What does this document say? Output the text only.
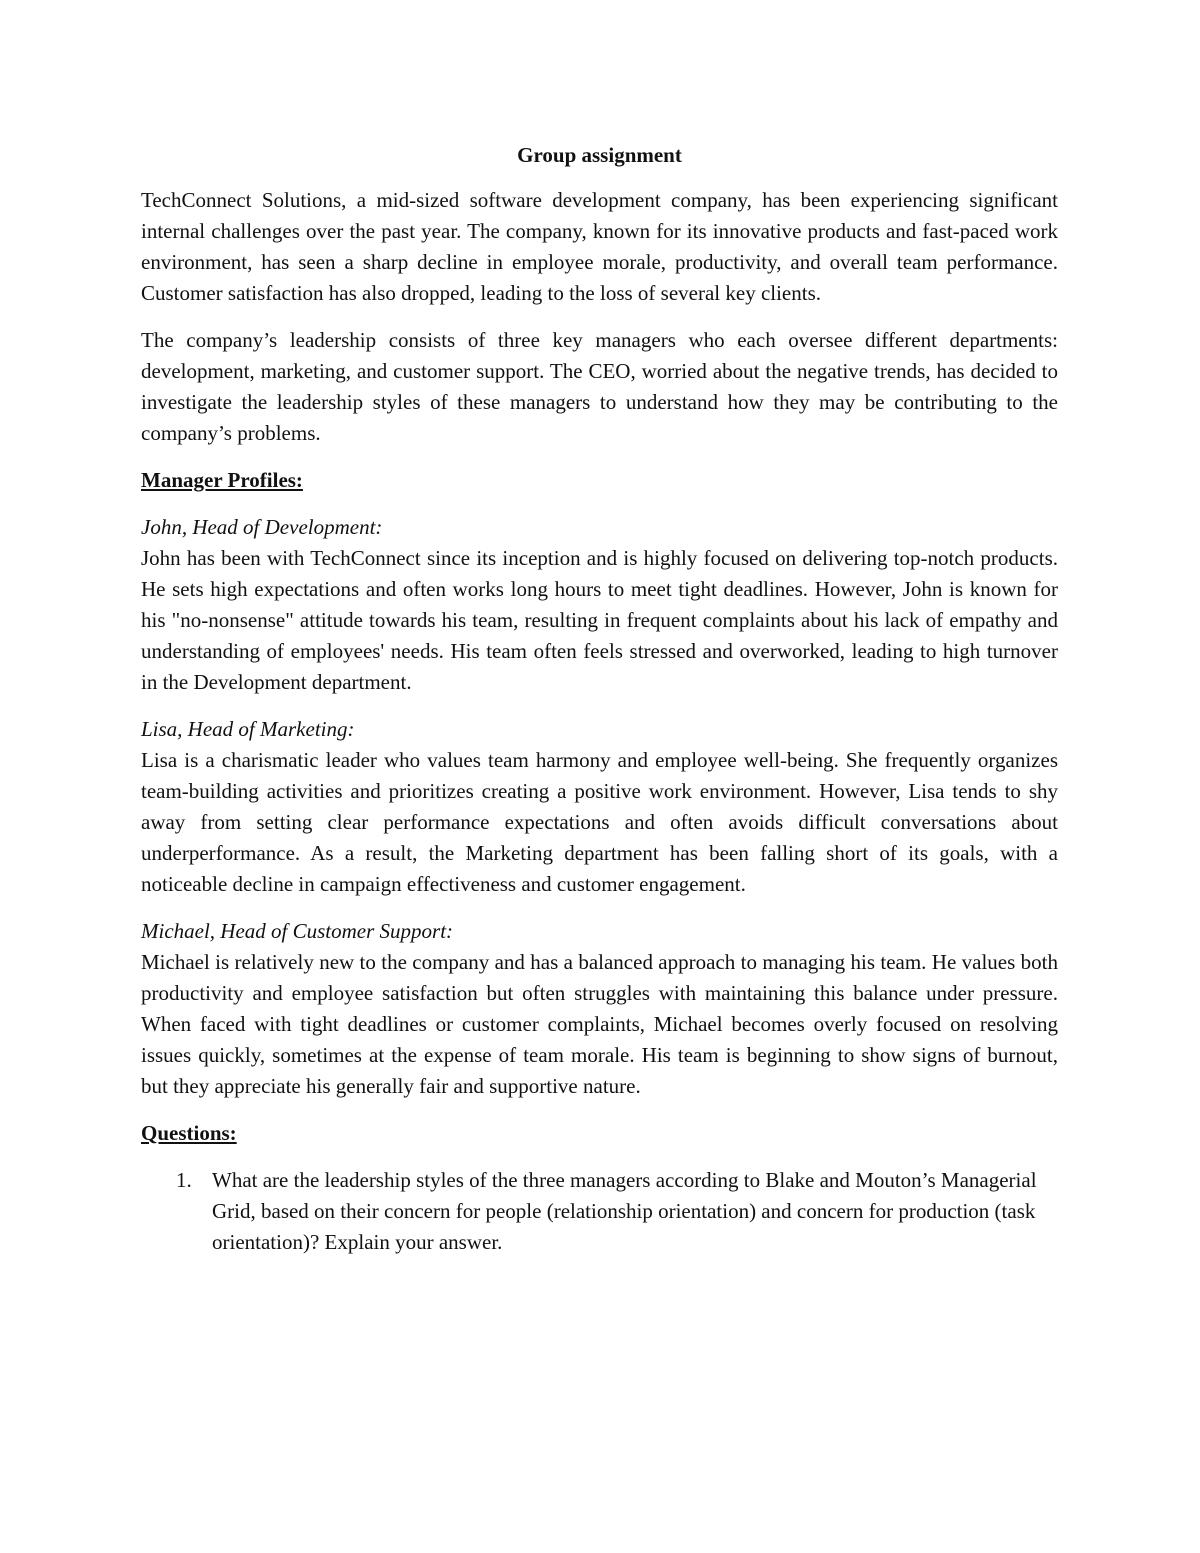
Group assignment

TechConnect Solutions, a mid-sized software development company, has been experiencing significant internal challenges over the past year. The company, known for its innovative products and fast-paced work environment, has seen a sharp decline in employee morale, productivity, and overall team performance. Customer satisfaction has also dropped, leading to the loss of several key clients.

The company’s leadership consists of three key managers who each oversee different departments: development, marketing, and customer support. The CEO, worried about the negative trends, has decided to investigate the leadership styles of these managers to understand how they may be contributing to the company’s problems.

Manager Profiles:
John, Head of Development:
John has been with TechConnect since its inception and is highly focused on delivering top-notch products. He sets high expectations and often works long hours to meet tight deadlines. However, John is known for his "no-nonsense" attitude towards his team, resulting in frequent complaints about his lack of empathy and understanding of employees' needs. His team often feels stressed and overworked, leading to high turnover in the Development department.
Lisa, Head of Marketing:
Lisa is a charismatic leader who values team harmony and employee well-being. She frequently organizes team-building activities and prioritizes creating a positive work environment. However, Lisa tends to shy away from setting clear performance expectations and often avoids difficult conversations about underperformance. As a result, the Marketing department has been falling short of its goals, with a noticeable decline in campaign effectiveness and customer engagement.
Michael, Head of Customer Support:
Michael is relatively new to the company and has a balanced approach to managing his team. He values both productivity and employee satisfaction but often struggles with maintaining this balance under pressure. When faced with tight deadlines or customer complaints, Michael becomes overly focused on resolving issues quickly, sometimes at the expense of team morale. His team is beginning to show signs of burnout, but they appreciate his generally fair and supportive nature.
Questions:
1. What are the leadership styles of the three managers according to Blake and Mouton’s Managerial Grid, based on their concern for people (relationship orientation) and concern for production (task orientation)? Explain your answer.
